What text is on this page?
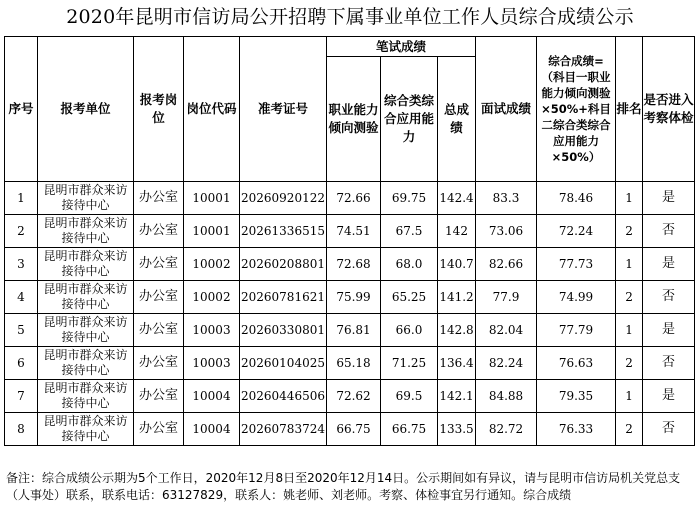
2020年昆明市信访局公开招聘下属事业单位工作人员综合成绩公示
序号	报考单位	报考岗位	岗位代码	准考证号	笔试成绩			面试成绩	综合成绩=（科目一职业能力倾向测验×50%+科目二综合类综合应用能力×50%）	排名	是否进入考察体检
					职业能力倾向测验	综合类综合应用能力	总成绩				
1	昆明市群众来访接待中心	办公室	10001	20260920122	72.66	69.75	142.4	83.3	78.46	1	是
2	昆明市群众来访接待中心	办公室	10001	20261336515	74.51	67.5	142	73.06	72.24	2	否
3	昆明市群众来访接待中心	办公室	10002	20260208801	72.68	68.0	140.7	82.66	77.73	1	是
4	昆明市群众来访接待中心	办公室	10002	20260781621	75.99	65.25	141.2	77.9	74.99	2	否
5	昆明市群众来访接待中心	办公室	10003	20260330801	76.81	66.0	142.8	82.04	77.79	1	是
6	昆明市群众来访接待中心	办公室	10003	20260104025	65.18	71.25	136.4	82.24	76.63	2	否
7	昆明市群众来访接待中心	办公室	10004	20260446506	72.62	69.5	142.1	84.88	79.35	1	是
8	昆明市群众来访接待中心	办公室	10004	20260783724	66.75	66.75	133.5	82.72	76.33	2	否
备注：综合成绩公示期为5个工作日，2020年12月8日至2020年12月14日。公示期间如有异议，请与昆明市信访局机关党总支（人事处）联系，联系电话：63127829，联系人：姚老师、刘老师。考察、体检事宜另行通知。综合成绩
